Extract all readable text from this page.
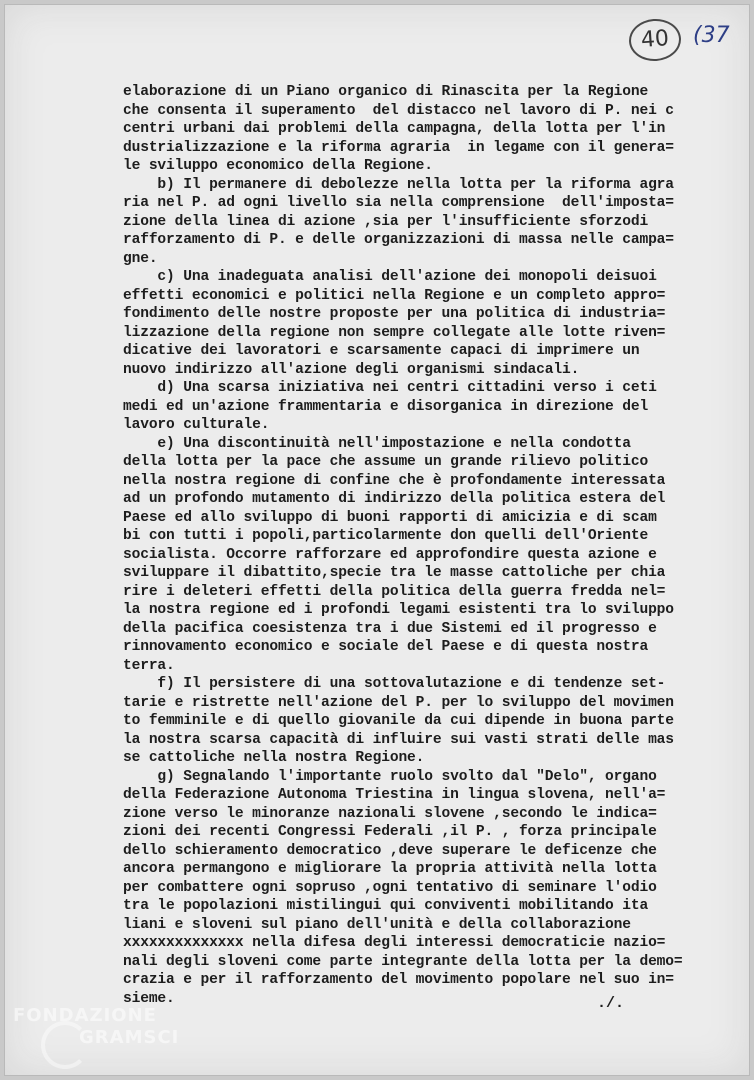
40	(37
elaborazione di un Piano organico di Rinascita per la Regione
che consenta il superamento  del distacco nel lavoro di P. nei c
centri urbani dai problemi della campagna, della lotta per l'in
dustrializzazione e la riforma agraria  in legame con il genera=
le sviluppo economico della Regione.
b) Il permanere di debolezze nella lotta per la riforma agra
ria nel P. ad ogni livello sia nella comprensione  dell'imposta=
zione della linea di azione ,sia per l'insufficiente sforzodi
rafforzamento di P. e delle organizzazioni di massa nelle campa=
gne.
c) Una inadeguata analisi dell'azione dei monopoli deisuoi
effetti economici e politici nella Regione e un completo appro=
fondimento delle nostre proposte per una politica di industria=
lizzazione della regione non sempre collegate alle lotte riven=
dicative dei lavoratori e scarsamente capaci di imprimere un
nuovo indirizzo all'azione degli organismi sindacali.
d) Una scarsa iniziativa nei centri cittadini verso i ceti
medi ed un'azione frammentaria e disorganica in direzione del
lavoro culturale.
e) Una discontinuità nell'impostazione e nella condotta
della lotta per la pace che assume un grande rilievo politico
nella nostra regione di confine che è profondamente interessata
ad un profondo mutamento di indirizzo della politica estera del
Paese ed allo sviluppo di buoni rapporti di amicizia e di scam
bi con tutti i popoli,particolarmente don quelli dell'Oriente
socialista. Occorre rafforzare ed approfondire questa azione e
sviluppare il dibattito,specie tra le masse cattoliche per chia
rire i deleteri effetti della politica della guerra fredda nel=
la nostra regione ed i profondi legami esistenti tra lo sviluppo
della pacifica coesistenza tra i due Sistemi ed il progresso e
rinnovamento economico e sociale del Paese e di questa nostra
terra.
f) Il persistere di una sottovalutazione e di tendenze set-
tarie e ristrette nell'azione del P. per lo sviluppo del movimen
to femminile e di quello giovanile da cui dipende in buona parte
la nostra scarsa capacità di influire sui vasti strati delle mas
se cattoliche nella nostra Regione.
g) Segnalando l'importante ruolo svolto dal "Delo", organo
della Federazione Autonoma Triestina in lingua slovena, nell'a=
zione verso le minoranze nazionali slovene ,secondo le indica=
zioni dei recenti Congressi Federali ,il P. , forza principale
dello schieramento democratico ,deve superare le deficenze che
ancora permangono e migliorare la propria attività nella lotta
per combattere ogni sopruso ,ogni tentativo di seminare l'odio
tra le popolazioni mistilingui qui conviventi mobilitando ita
liani e sloveni sul piano dell'unità e della collaborazione
xxxxxxxxxxxxxx nella difesa degli interessi democraticie nazio=
nali degli sloveni come parte integrante della lotta per la demo=
crazia e per il rafforzamento del movimento popolare nel suo in=
sieme.	./.
FONDAZIONE
GRAMSCI
